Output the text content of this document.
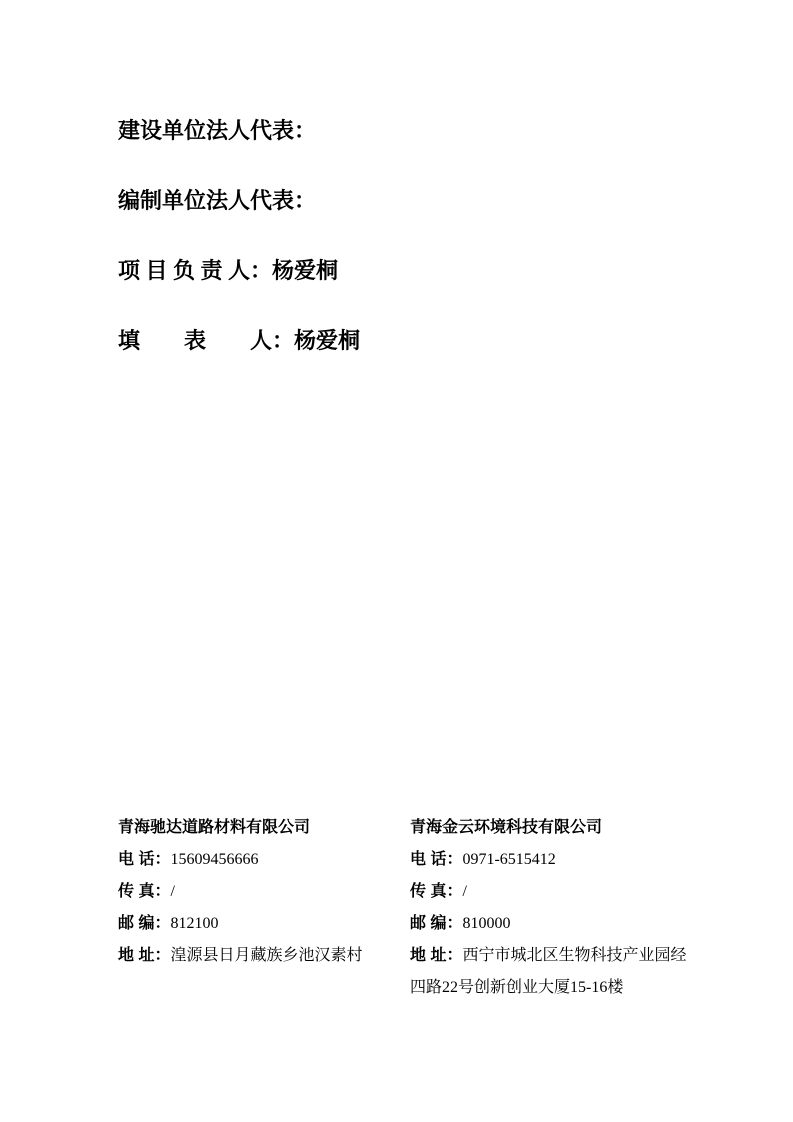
建设单位法人代表：
编制单位法人代表：
项 目 负 责 人：杨爱桐
填　　表　　人：杨爱桐
青海驰达道路材料有限公司
电 话：15609456666
传 真：/
邮 编：812100
地 址：湟源县日月藏族乡池汉素村
青海金云环境科技有限公司
电 话：0971-6515412
传 真：/
邮 编：810000
地 址：西宁市城北区生物科技产业园经
四路22号创新创业大厦15-16楼
